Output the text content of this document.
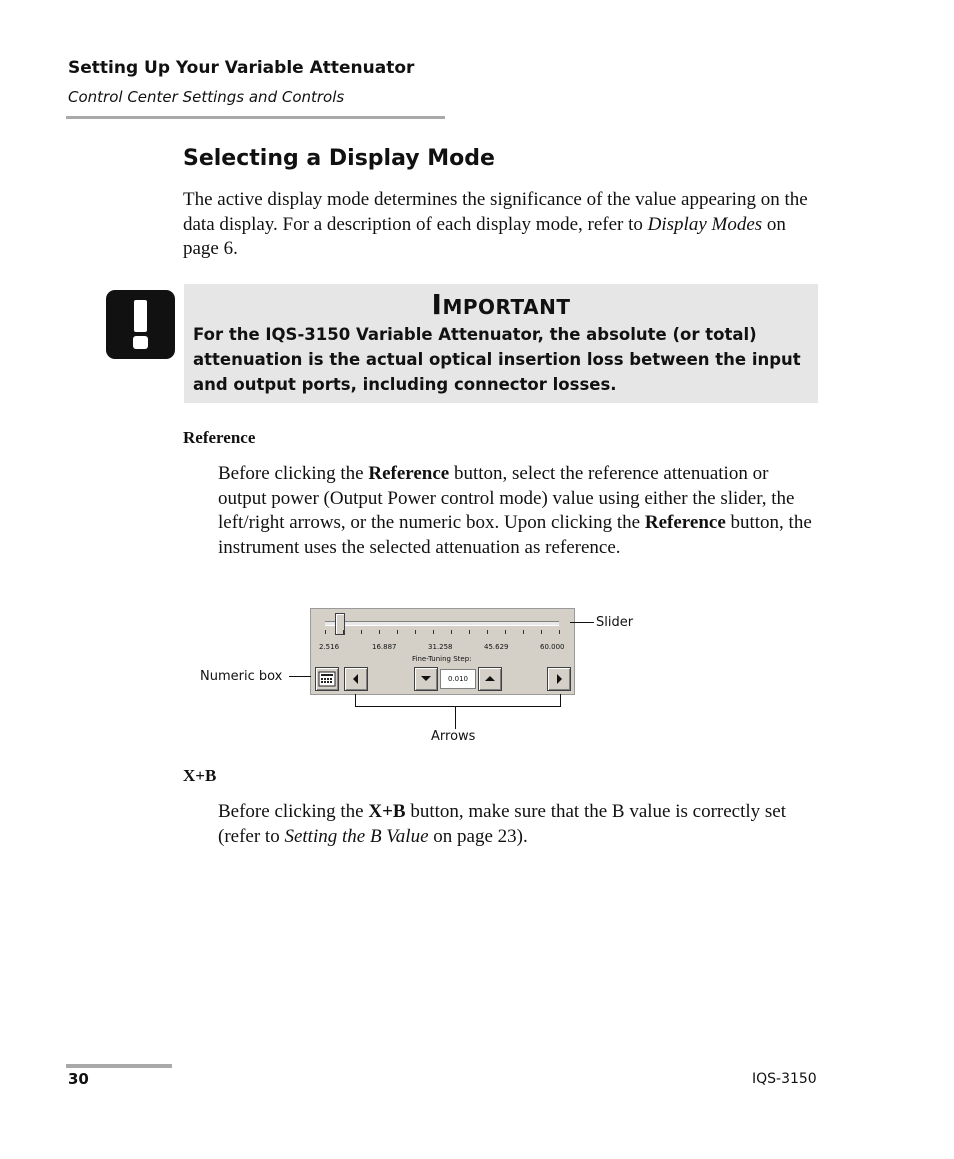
Setting Up Your Variable Attenuator
Control Center Settings and Controls
Selecting a Display Mode
The active display mode determines the significance of the value appearing on the data display. For a description of each display mode, refer to Display Modes on page 6.
Important
For the IQS-3150 Variable Attenuator, the absolute (or total) attenuation is the actual optical insertion loss between the input and output ports, including connector losses.
Reference
Before clicking the Reference button, select the reference attenuation or output power (Output Power control mode) value using either the slider, the left/right arrows, or the numeric box. Upon clicking the Reference button, the instrument uses the selected attenuation as reference.
2.516	16.887	31.258	45.629	60.000
Fine-Tuning Step:
0.010
Slider
Numeric box
Arrows
X+B
Before clicking the X+B button, make sure that the B value is correctly set (refer to Setting the B Value on page 23).
30	IQS-3150
